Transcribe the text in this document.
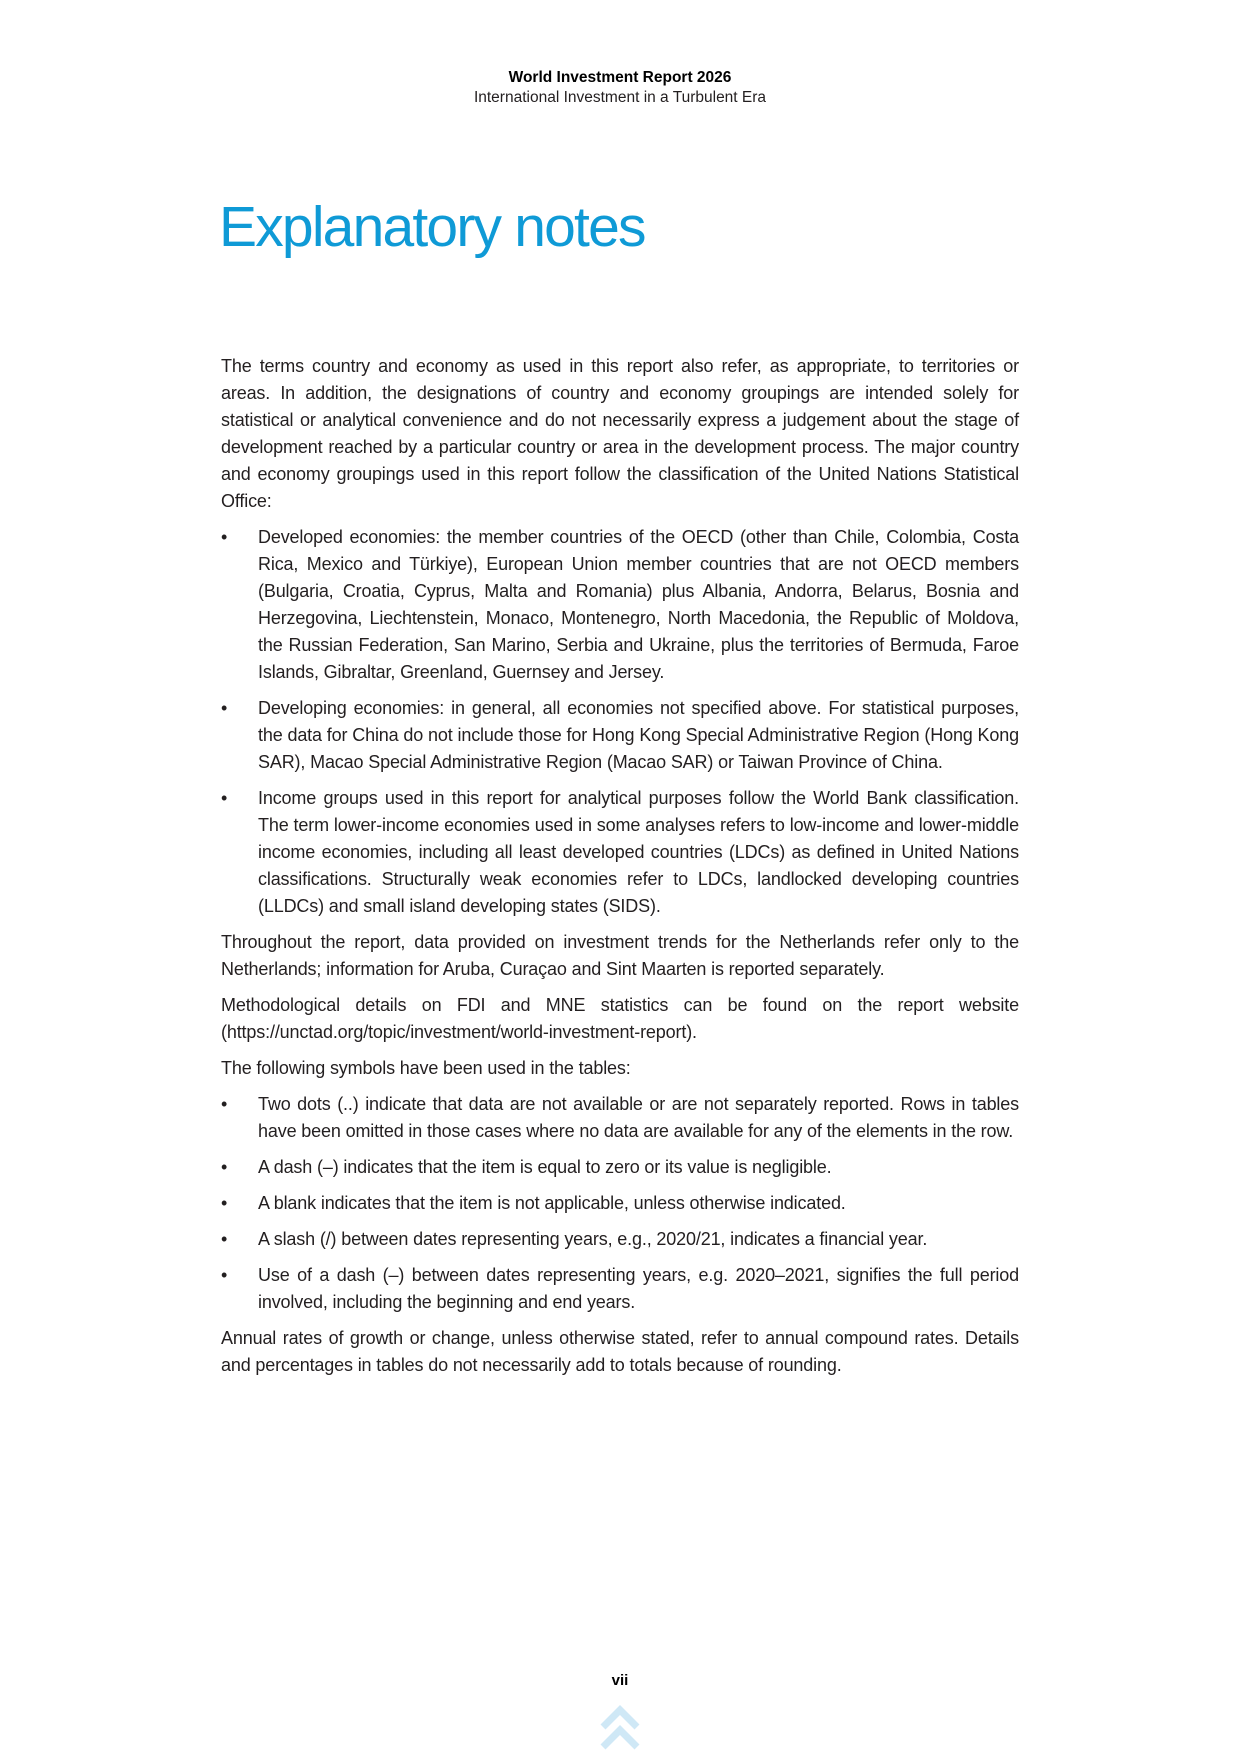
World Investment Report 2026
International Investment in a Turbulent Era
Explanatory notes

The terms country and economy as used in this report also refer, as appropriate, to territories or areas. In addition, the designations of country and economy groupings are intended solely for statistical or analytical convenience and do not necessarily express a judgement about the stage of development reached by a particular country or area in the development process. The major country and economy groupings used in this report follow the classification of the United Nations Statistical Office:

•	Developed economies: the member countries of the OECD (other than Chile, Colombia, Costa Rica, Mexico and Türkiye), European Union member countries that are not OECD members (Bulgaria, Croatia, Cyprus, Malta and Romania) plus Albania, Andorra, Belarus, Bosnia and Herzegovina, Liechtenstein, Monaco, Montenegro, North Macedonia, the Republic of Moldova, the Russian Federation, San Marino, Serbia and Ukraine, plus the territories of Bermuda, Faroe Islands, Gibraltar, Greenland, Guernsey and Jersey.
•	Developing economies: in general, all economies not specified above. For statistical purposes, the data for China do not include those for Hong Kong Special Administrative Region (Hong Kong SAR), Macao Special Administrative Region (Macao SAR) or Taiwan Province of China.
•	Income groups used in this report for analytical purposes follow the World Bank classification. The term lower-income economies used in some analyses refers to low-income and lower-middle income economies, including all least developed countries (LDCs) as defined in United Nations classifications. Structurally weak economies refer to LDCs, landlocked developing countries (LLDCs) and small island developing states (SIDS).

Throughout the report, data provided on investment trends for the Netherlands refer only to the Netherlands; information for Aruba, Curaçao and Sint Maarten is reported separately.

Methodological details on FDI and MNE statistics can be found on the report website (https://unctad.org/topic/investment/world-investment-report).

The following symbols have been used in the tables:

•	Two dots (..) indicate that data are not available or are not separately reported. Rows in tables have been omitted in those cases where no data are available for any of the elements in the row.
•	A dash (–) indicates that the item is equal to zero or its value is negligible.
•	A blank indicates that the item is not applicable, unless otherwise indicated.
•	A slash (/) between dates representing years, e.g., 2020/21, indicates a financial year.
•	Use of a dash (–) between dates representing years, e.g. 2020–2021, signifies the full period involved, including the beginning and end years.

Annual rates of growth or change, unless otherwise stated, refer to annual compound rates. Details and percentages in tables do not necessarily add to totals because of rounding.

vii
